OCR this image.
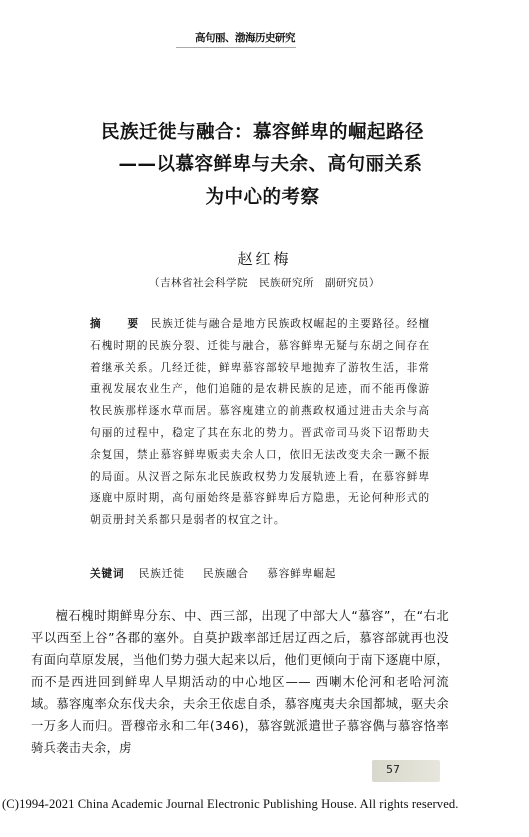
高句丽、渤海历史研究
民族迁徙与融合：慕容鲜卑的崛起路径
——以慕容鲜卑与夫余、高句丽关系
为中心的考察
赵红梅
（吉林省社会科学院　民族研究所　副研究员）
摘　要 民族迁徙与融合是地方民族政权崛起的主要路径。经檀石槐时期的民族分裂、迁徙与融合，慕容鲜卑无疑与东胡之间存在着继承关系。几经迁徙，鲜卑慕容部较早地抛弃了游牧生活，非常重视发展农业生产，他们追随的是农耕民族的足迹，而不能再像游牧民族那样逐水草而居。慕容廆建立的前燕政权通过进击夫余与高句丽的过程中，稳定了其在东北的势力。晋武帝司马炎下诏帮助夫余复国，禁止慕容鲜卑贩卖夫余人口，依旧无法改变夫余一蹶不振的局面。从汉晋之际东北民族政权势力发展轨迹上看，在慕容鲜卑逐鹿中原时期，高句丽始终是慕容鲜卑后方隐患，无论何种形式的朝贡册封关系都只是弱者的权宜之计。
关键词 民族迁徙 民族融合 慕容鲜卑崛起
檀石槐时期鲜卑分东、中、西三部，出现了中部大人“慕容”，在“右北平以西至上谷”各郡的塞外。自莫护跋率部迁居辽西之后，慕容部就再也没有面向草原发展，当他们势力强大起来以后，他们更倾向于南下逐鹿中原，而不是西进回到鲜卑人早期活动的中心地区—— 西喇木伦河和老哈河流域。慕容廆率众东伐夫余，夫余王依虑自杀，慕容廆夷夫余国都城，驱夫余一万多人而归。晋穆帝永和二年(346)，慕容皝派遣世子慕容儁与慕容恪率骑兵袭击夫余，虏
57
(C)1994-2021 China Academic Journal Electronic Publishing House. All rights reserved.
